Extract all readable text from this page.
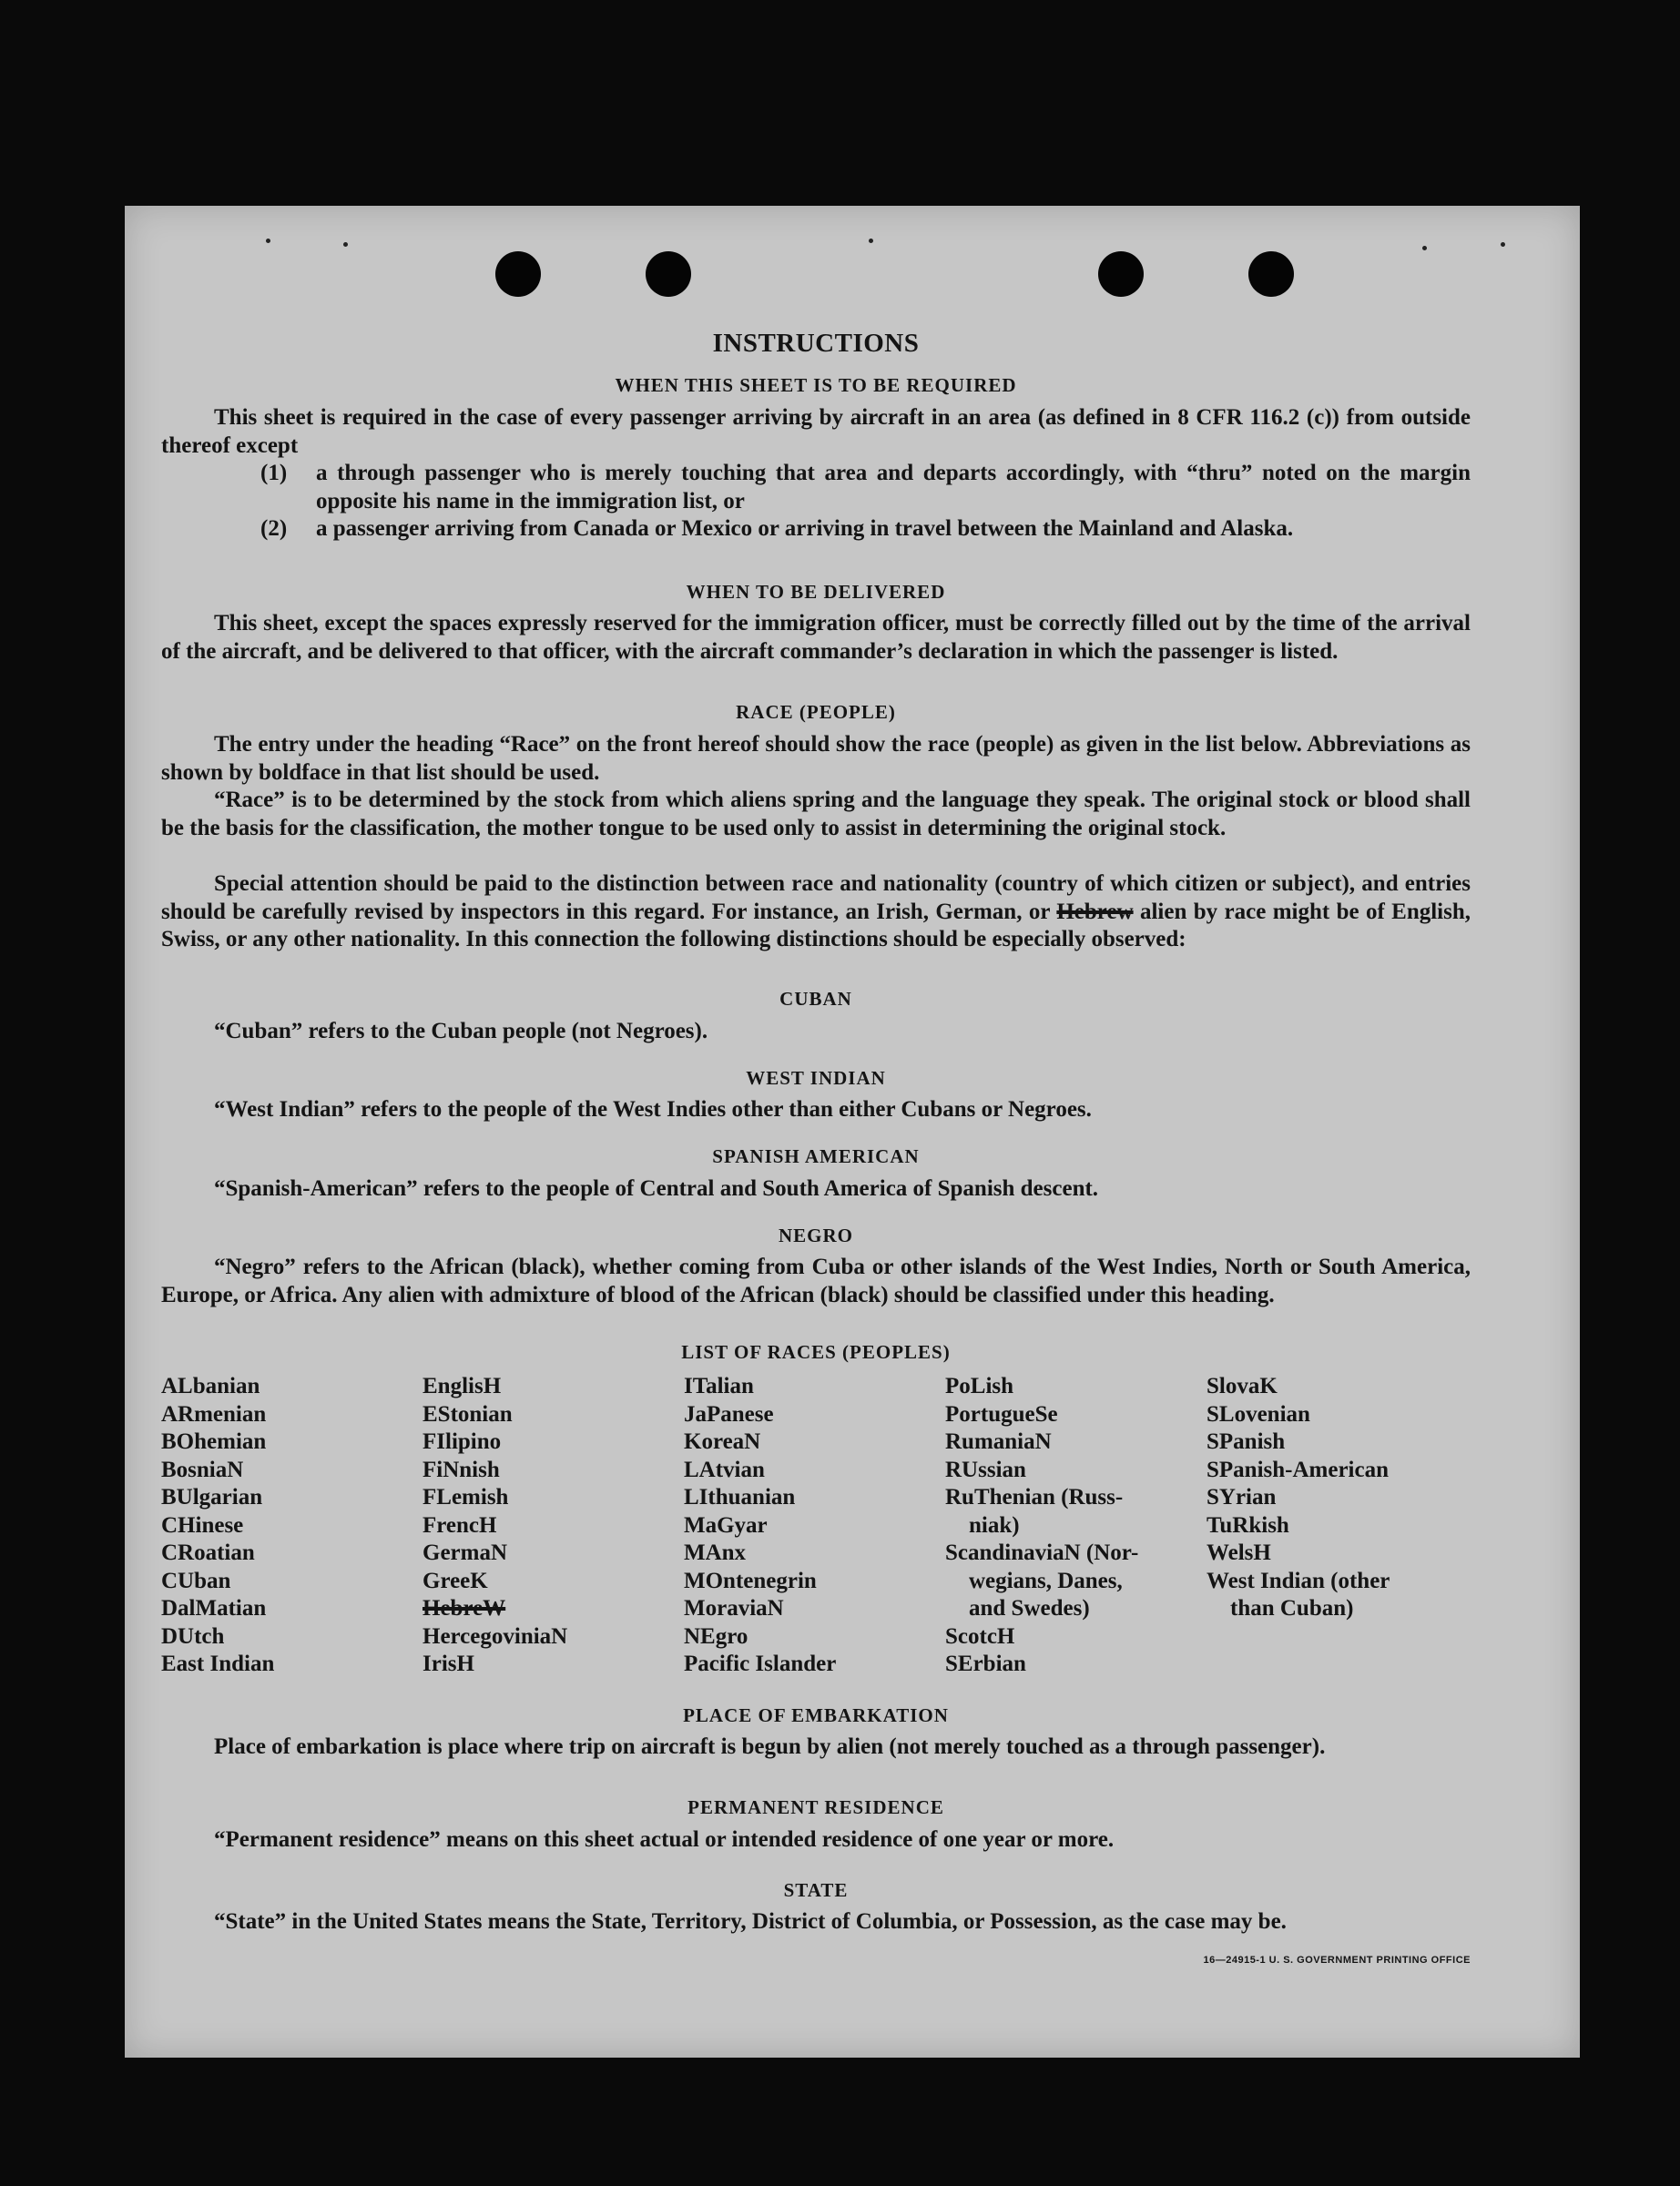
INSTRUCTIONS
WHEN THIS SHEET IS TO BE REQUIRED
This sheet is required in the case of every passenger arriving by aircraft in an area (as defined in 8 CFR 116.2 (c)) from outside thereof except
(1)	a through passenger who is merely touching that area and departs accordingly, with “thru” noted on the margin opposite his name in the immigration list, or
(2)	a passenger arriving from Canada or Mexico or arriving in travel between the Mainland and Alaska.
WHEN TO BE DELIVERED
This sheet, except the spaces expressly reserved for the immigration officer, must be correctly filled out by the time of the arrival of the aircraft, and be delivered to that officer, with the aircraft commander’s declaration in which the passenger is listed.
RACE (PEOPLE)
The entry under the heading “Race” on the front hereof should show the race (people) as given in the list below. Abbreviations as shown by boldface in that list should be used.
“Race” is to be determined by the stock from which aliens spring and the language they speak. The original stock or blood shall be the basis for the classification, the mother tongue to be used only to assist in determining the original stock.
Special attention should be paid to the distinction between race and nationality (country of which citizen or subject), and entries should be carefully revised by inspectors in this regard. For instance, an Irish, German, or Hebrew alien by race might be of English, Swiss, or any other nationality. In this connection the following distinctions should be especially observed:
CUBAN
“Cuban” refers to the Cuban people (not Negroes).
WEST INDIAN
“West Indian” refers to the people of the West Indies other than either Cubans or Negroes.
SPANISH AMERICAN
“Spanish-American” refers to the people of Central and South America of Spanish descent.
NEGRO
“Negro” refers to the African (black), whether coming from Cuba or other islands of the West Indies, North or South America, Europe, or Africa. Any alien with admixture of blood of the African (black) should be classified under this heading.
LIST OF RACES (PEOPLES)
ALbanian
ARmenian
BOhemian
BosniaN
BUlgarian
CHinese
CRoatian
CUban
DalMatian
DUtch
East Indian
EnglisH
EStonian
FIlipino
FiNnish
FLemish
FrencH
GermaN
GreeK
HebreW
HercegoviniaN
IrisH
ITalian
JaPanese
KoreaN
LAtvian
LIthuanian
MaGyar
MAnx
MOntenegrin
MoraviaN
NEgro
Pacific Islander
PoLish
PortugueSe
RumaniaN
RUssian
RuThenian (Russ-
niak)
ScandinaviaN (Nor-
wegians, Danes,
and Swedes)
ScotcH
SErbian
SlovaK
SLovenian
SPanish
SPanish-American
SYrian
TuRkish
WelsH
West Indian (other
than Cuban)
PLACE OF EMBARKATION
Place of embarkation is place where trip on aircraft is begun by alien (not merely touched as a through passenger).
PERMANENT RESIDENCE
“Permanent residence” means on this sheet actual or intended residence of one year or more.
STATE
“State” in the United States means the State, Territory, District of Columbia, or Possession, as the case may be.
16—24915-1 U. S. GOVERNMENT PRINTING OFFICE
